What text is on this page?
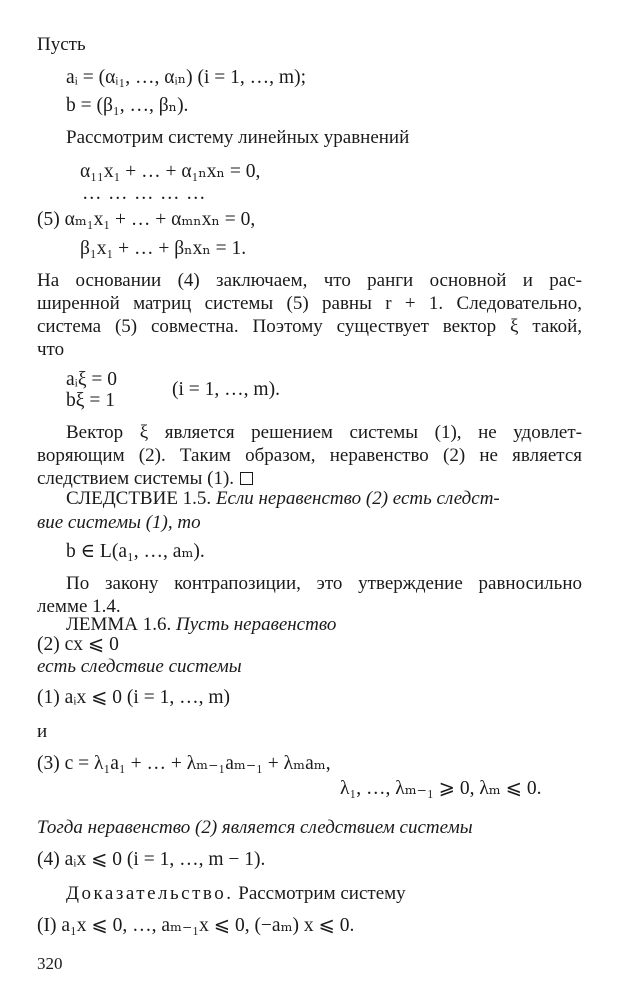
Пусть
aᵢ = (αᵢ₁, …, αᵢₙ) (i = 1, …, m);
b = (β₁, …, βₙ).
Рассмотрим систему линейных уравнений
α₁₁x₁ + … + α₁ₙxₙ = 0,
……………
(5) αₘ₁x₁ + … + αₘₙxₙ = 0,
β₁x₁ + … + βₙxₙ = 1.
На основании (4) заключаем, что ранги основной и рас-
ширенной матриц системы (5) равны r + 1. Следовательно,
система (5) совместна. Поэтому существует вектор ξ такой,
что
aᵢξ = 0	(i = 1, …, m).
bξ = 1
Вектор ξ является решением системы (1), не удовлет-
воряющим (2). Таким образом, неравенство (2) не является
следствием системы (1).
СЛЕДСТВИЕ 1.5. Если неравенство (2) есть следст-
вие системы (1), то
b ∈ L(a₁, …, aₘ).
По закону контрапозиции, это утверждение равносильно
лемме 1.4.
ЛЕММА 1.6. Пусть неравенство
(2) cx ⩽ 0
есть следствие системы
(1) aᵢx ⩽ 0 (i = 1, …, m)
и
(3) c = λ₁a₁ + … + λₘ₋₁aₘ₋₁ + λₘaₘ,
λ₁, …, λₘ₋₁ ⩾ 0, λₘ ⩽ 0.
Тогда неравенство (2) является следствием системы
(4) aᵢx ⩽ 0 (i = 1, …, m − 1).
Доказательство. Рассмотрим систему
(I) a₁x ⩽ 0, …, aₘ₋₁x ⩽ 0, (−aₘ) x ⩽ 0.
320
